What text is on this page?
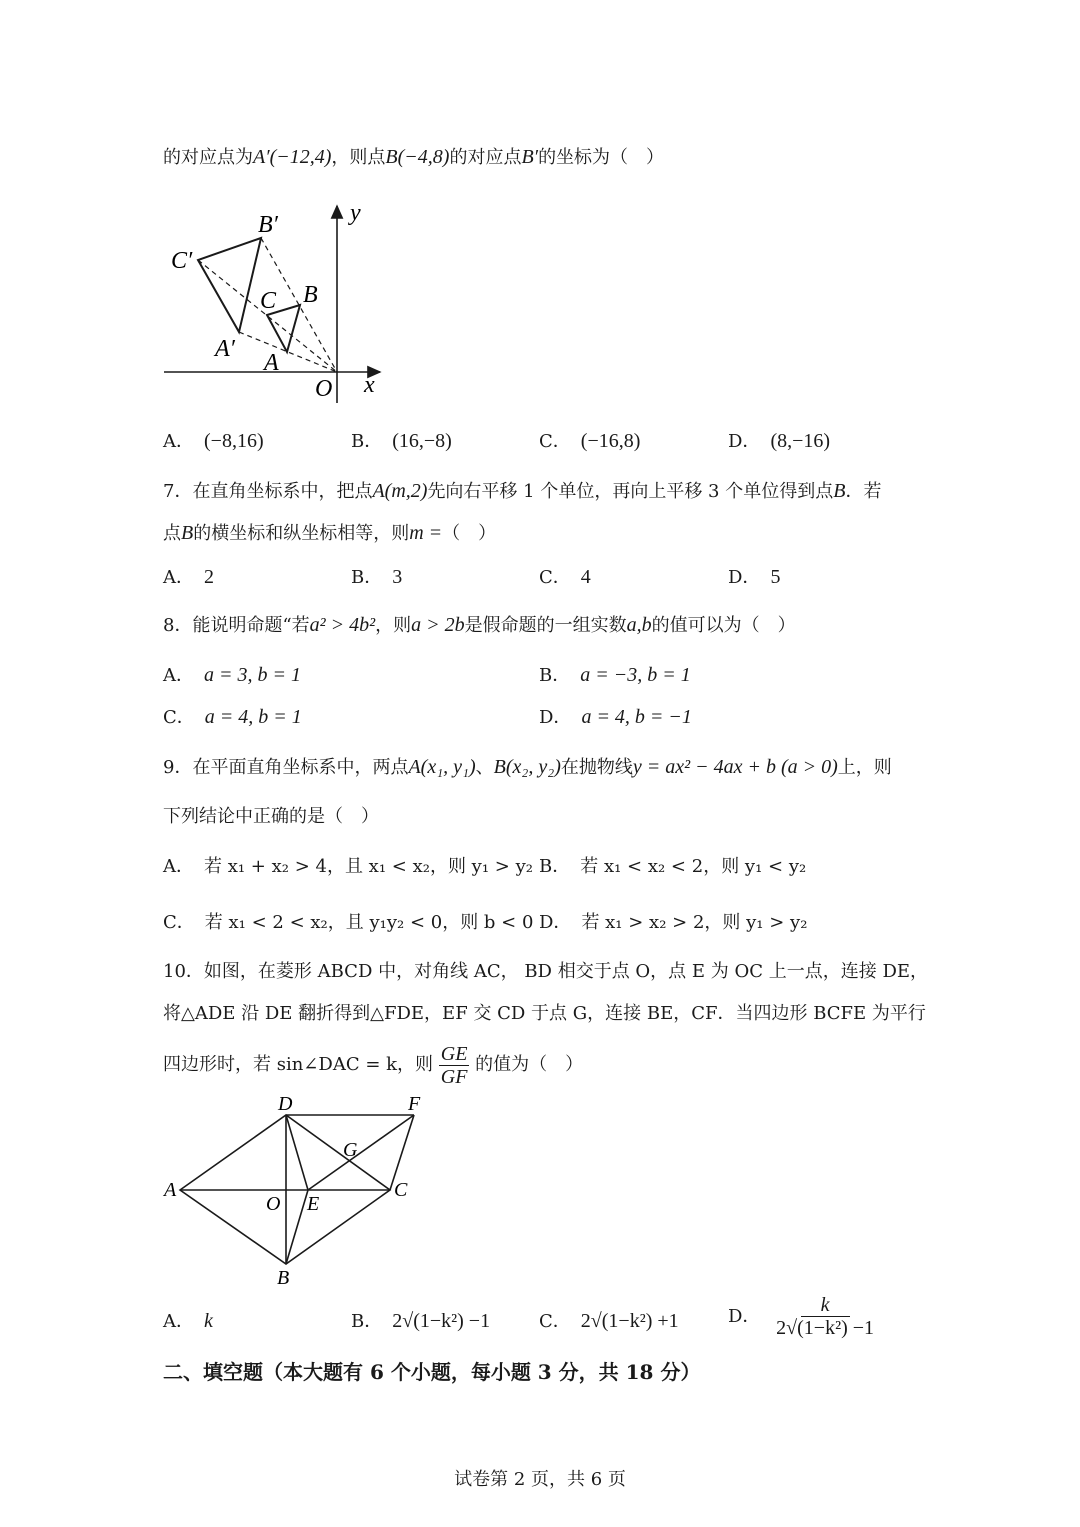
的对应点为A′(−12,4)，则点B(−4,8)的对应点B′的坐标为（　）
y
x
O
A
B
C
A′
B′
C′
A． (−8,16)	B． (16,−8)	C． (−16,8)	D． (8,−16)
7．在直角坐标系中，把点A(m,2)先向右平移 1 个单位，再向上平移 3 个单位得到点B．若
点B的横坐标和纵坐标相等，则m =（　）
A． 2	B． 3	C． 4	D． 5
8．能说明命题“若a² > 4b²，则a > 2b是假命题的一组实数a,b的值可以为（　）
A． a = 3, b = 1	B． a = −3, b = 1
C． a = 4, b = 1	D． a = 4, b = −1
9．在平面直角坐标系中，两点A(x₁, y₁)、B(x₂, y₂)在抛物线y = ax² − 4ax + b (a > 0)上，则
下列结论中正确的是（　）
A． 若 x₁ + x₂ > 4，且 x₁ < x₂，则 y₁ > y₂ B． 若 x₁ < x₂ < 2，则 y₁ < y₂
C． 若 x₁ < 2 < x₂，且 y₁y₂ < 0，则 b < 0 D． 若 x₁ > x₂ > 2，则 y₁ > y₂
10．如图，在菱形 ABCD 中，对角线 AC， BD 相交于点 O，点 E 为 OC 上一点，连接 DE，
将△ADE 沿 DE 翻折得到△FDE，EF 交 CD 于点 G，连接 BE，CF．当四边形 BCFE 为平行
四边形时，若 sin∠DAC = k，则 $\frac{GE}{GF}$ 的值为（　）
A
B
C
D
E
F
G
O
A． k	B． 2√(1−k²) −1	C． 2√(1−k²) +1	D． $\frac{k}{\text{2√(1−k²) −1}}$
二、填空题（本大题有 6 个小题，每小题 3 分，共 18 分）
试卷第 2 页，共 6 页
